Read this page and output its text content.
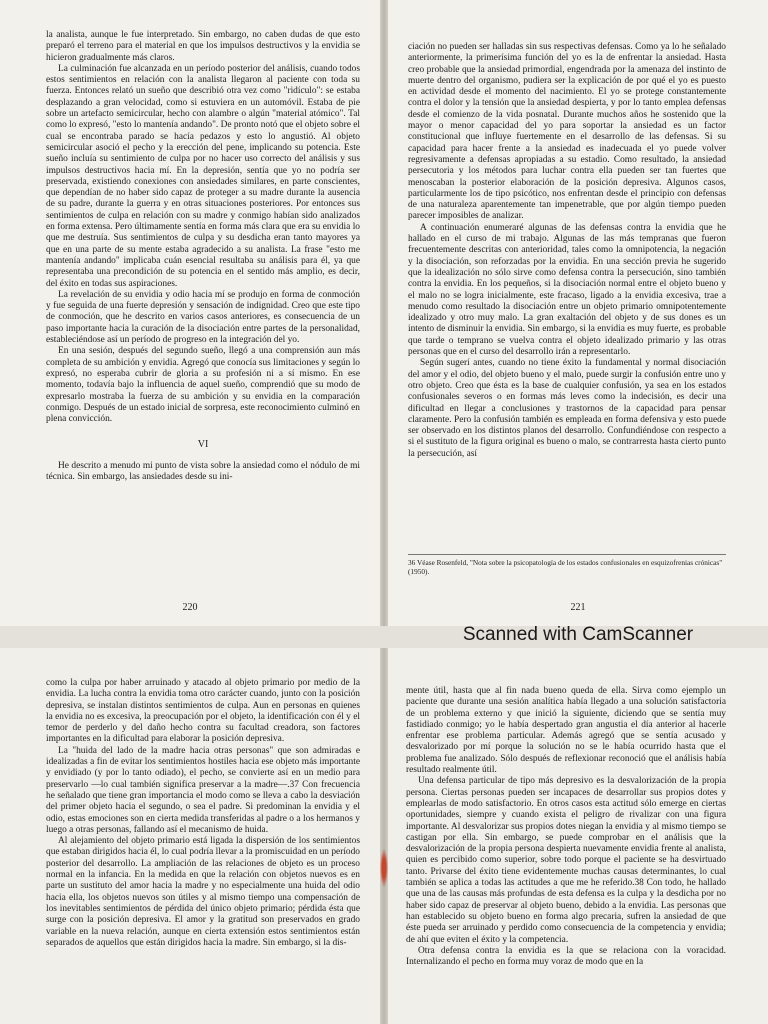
la analista, aunque le fue interpretado. Sin embargo, no caben dudas de que esto preparó el terreno para el material en que los impulsos destructivos y la envidia se hicieron gradualmente más claros.

La culminación fue alcanzada en un período posterior del análisis, cuando todos estos sentimientos en relación con la analista llegaron al paciente con toda su fuerza. Entonces relató un sueño que describió otra vez como "ridículo": se estaba desplazando a gran velocidad, como si estuviera en un automóvil. Estaba de pie sobre un artefacto semicircular, hecho con alambre o algún "material atómico". Tal como lo expresó, "esto lo mantenía andando". De pronto notó que el objeto sobre el cual se encontraba parado se hacía pedazos y esto lo angustió. Al objeto semicircular asoció el pecho y la erección del pene, implicando su potencia. Este sueño incluía su sentimiento de culpa por no hacer uso correcto del análisis y sus impulsos destructivos hacia mí. En la depresión, sentía que yo no podría ser preservada, existiendo conexiones con ansiedades similares, en parte conscientes, que dependían de no haber sido capaz de proteger a su madre durante la ausencia de su padre, durante la guerra y en otras situaciones posteriores. Por entonces sus sentimientos de culpa en relación con su madre y conmigo habían sido analizados en forma extensa. Pero últimamente sentía en forma más clara que era su envidia lo que me destruía. Sus sentimientos de culpa y su desdicha eran tanto mayores ya que en una parte de su mente estaba agradecido a su analista. La frase "esto me mantenía andando" implicaba cuán esencial resultaba su análisis para él, ya que representaba una precondición de su potencia en el sentido más amplio, es decir, del éxito en todas sus aspiraciones.

La revelación de su envidia y odio hacia mí se produjo en forma de conmoción y fue seguida de una fuerte depresión y sensación de indignidad. Creo que este tipo de conmoción, que he descrito en varios casos anteriores, es consecuencia de un paso importante hacia la curación de la disociación entre partes de la personalidad, estableciéndose así un período de progreso en la integración del yo.

En una sesión, después del segundo sueño, llegó a una comprensión aun más completa de su ambición y envidia. Agregó que conocía sus limitaciones y según lo expresó, no esperaba cubrir de gloria a su profesión ni a sí mismo. En ese momento, todavía bajo la influencia de aquel sueño, comprendió que su modo de expresarlo mostraba la fuerza de su ambición y su envidia en la comparación conmigo. Después de un estado inicial de sorpresa, este reconocimiento culminó en plena convicción.

VI

He descrito a menudo mi punto de vista sobre la ansiedad como el nódulo de mi técnica. Sin embargo, las ansiedades desde su ini-

220

ciación no pueden ser halladas sin sus respectivas defensas. Como ya lo he señalado anteriormente, la primerísima función del yo es la de enfrentar la ansiedad. Hasta creo probable que la ansiedad primordial, engendrada por la amenaza del instinto de muerte dentro del organismo, pudiera ser la explicación de por qué el yo es puesto en actividad desde el momento del nacimiento. El yo se protege constantemente contra el dolor y la tensión que la ansiedad despierta, y por lo tanto emplea defensas desde el comienzo de la vida posnatal. Durante muchos años he sostenido que la mayor o menor capacidad del yo para soportar la ansiedad es un factor constitucional que influye fuertemente en el desarrollo de las defensas. Si su capacidad para hacer frente a la ansiedad es inadecuada el yo puede volver regresivamente a defensas apropiadas a su estadio. Como resultado, la ansiedad persecutoria y los métodos para luchar contra ella pueden ser tan fuertes que menoscaban la posterior elaboración de la posición depresiva. Algunos casos, particularmente los de tipo psicótico, nos enfrentan desde el principio con defensas de una naturaleza aparentemente tan impenetrable, que por algún tiempo pueden parecer imposibles de analizar.

A continuación enumeraré algunas de las defensas contra la envidia que he hallado en el curso de mi trabajo. Algunas de las más tempranas que fueron frecuentemente descritas con anterioridad, tales como la omnipotencia, la negación y la disociación, son reforzadas por la envidia. En una sección previa he sugerido que la idealización no sólo sirve como defensa contra la persecución, sino también contra la envidia. En los pequeños, si la disociación normal entre el objeto bueno y el malo no se logra inicialmente, este fracaso, ligado a la envidia excesiva, trae a menudo como resultado la disociación entre un objeto primario omnipotentemente idealizado y otro muy malo. La gran exaltación del objeto y de sus dones es un intento de disminuir la envidia. Sin embargo, si la envidia es muy fuerte, es probable que tarde o temprano se vuelva contra el objeto idealizado primario y las otras personas que en el curso del desarrollo irán a representarlo.

Según sugerí antes, cuando no tiene éxito la fundamental y normal disociación del amor y el odio, del objeto bueno y el malo, puede surgir la confusión entre uno y otro objeto. Creo que ésta es la base de cualquier confusión, ya sea en los estados confusionales severos o en formas más leves como la indecisión, es decir una dificultad en llegar a conclusiones y trastornos de la capacidad para pensar claramente. Pero la confusión también es empleada en forma defensiva y esto puede ser observado en los distintos planos del desarrollo. Confundiéndose con respecto a si el sustituto de la figura original es bueno o malo, se contrarresta hasta cierto punto la persecución, así

36 Véase Rosenfeld, "Nota sobre la psicopatología de los estados confusionales en esquizofrenias crónicas" (1950).
221
Scanned with CamScanner

como la culpa por haber arruinado y atacado al objeto primario por medio de la envidia. La lucha contra la envidia toma otro carácter cuando, junto con la posición depresiva, se instalan distintos sentimientos de culpa. Aun en personas en quienes la envidia no es excesiva, la preocupación por el objeto, la identificación con él y el temor de perderlo y del daño hecho contra su facultad creadora, son factores importantes en la dificultad para elaborar la posición depresiva.

La "huida del lado de la madre hacia otras personas" que son admiradas e idealizadas a fin de evitar los sentimientos hostiles hacia ese objeto más importante y envidiado (y por lo tanto odiado), el pecho, se convierte así en un medio para preservarlo —lo cual también significa preservar a la madre—.37 Con frecuencia he señalado que tiene gran importancia el modo como se lleva a cabo la desviación del primer objeto hacia el segundo, o sea el padre. Si predominan la envidia y el odio, estas emociones son en cierta medida transferidas al padre o a los hermanos y luego a otras personas, fallando así el mecanismo de huida.

Al alejamiento del objeto primario está ligada la dispersión de los sentimientos que estaban dirigidos hacia él, lo cual podría llevar a la promiscuidad en un período posterior del desarrollo. La ampliación de las relaciones de objeto es un proceso normal en la infancia. En la medida en que la relación con objetos nuevos es en parte un sustituto del amor hacia la madre y no especialmente una huida del odio hacia ella, los objetos nuevos son útiles y al mismo tiempo una compensación de los inevitables sentimientos de pérdida del único objeto primario; pérdida ésta que surge con la posición depresiva. El amor y la gratitud son preservados en grado variable en la nueva relación, aunque en cierta extensión estos sentimientos están separados de aquellos que están dirigidos hacia la madre. Sin embargo, si la dis-

mente útil, hasta que al fin nada bueno queda de ella. Sirva como ejemplo un paciente que durante una sesión analítica había llegado a una solución satisfactoria de un problema externo y que inició la siguiente, diciendo que se sentía muy fastidiado conmigo; yo le había despertado gran angustia el día anterior al hacerle enfrentar ese problema particular. Además agregó que se sentía acusado y desvalorizado por mí porque la solución no se le había ocurrido hasta que el problema fue analizado. Sólo después de reflexionar reconoció que el análisis había resultado realmente útil.

Una defensa particular de tipo más depresivo es la desvalorización de la propia persona. Ciertas personas pueden ser incapaces de desarrollar sus propios dotes y emplearlas de modo satisfactorio. En otros casos esta actitud sólo emerge en ciertas oportunidades, siempre y cuando exista el peligro de rivalizar con una figura importante. Al desvalorizar sus propios dotes niegan la envidia y al mismo tiempo se castigan por ella. Sin embargo, se puede comprobar en el análisis que la desvalorización de la propia persona despierta nuevamente envidia frente al analista, quien es percibido como superior, sobre todo porque el paciente se ha desvirtuado tanto. Privarse del éxito tiene evidentemente muchas causas determinantes, lo cual también se aplica a todas las actitudes a que me he referido.38 Con todo, he hallado que una de las causas más profundas de esta defensa es la culpa y la desdicha por no haber sido capaz de preservar al objeto bueno, debido a la envidia. Las personas que han establecido su objeto bueno en forma algo precaria, sufren la ansiedad de que éste pueda ser arruinado y perdido como consecuencia de la competencia y envidia; de ahí que eviten el éxito y la competencia.

Otra defensa contra la envidia es la que se relaciona con la voracidad. Internalizando el pecho en forma muy voraz de modo que en la
